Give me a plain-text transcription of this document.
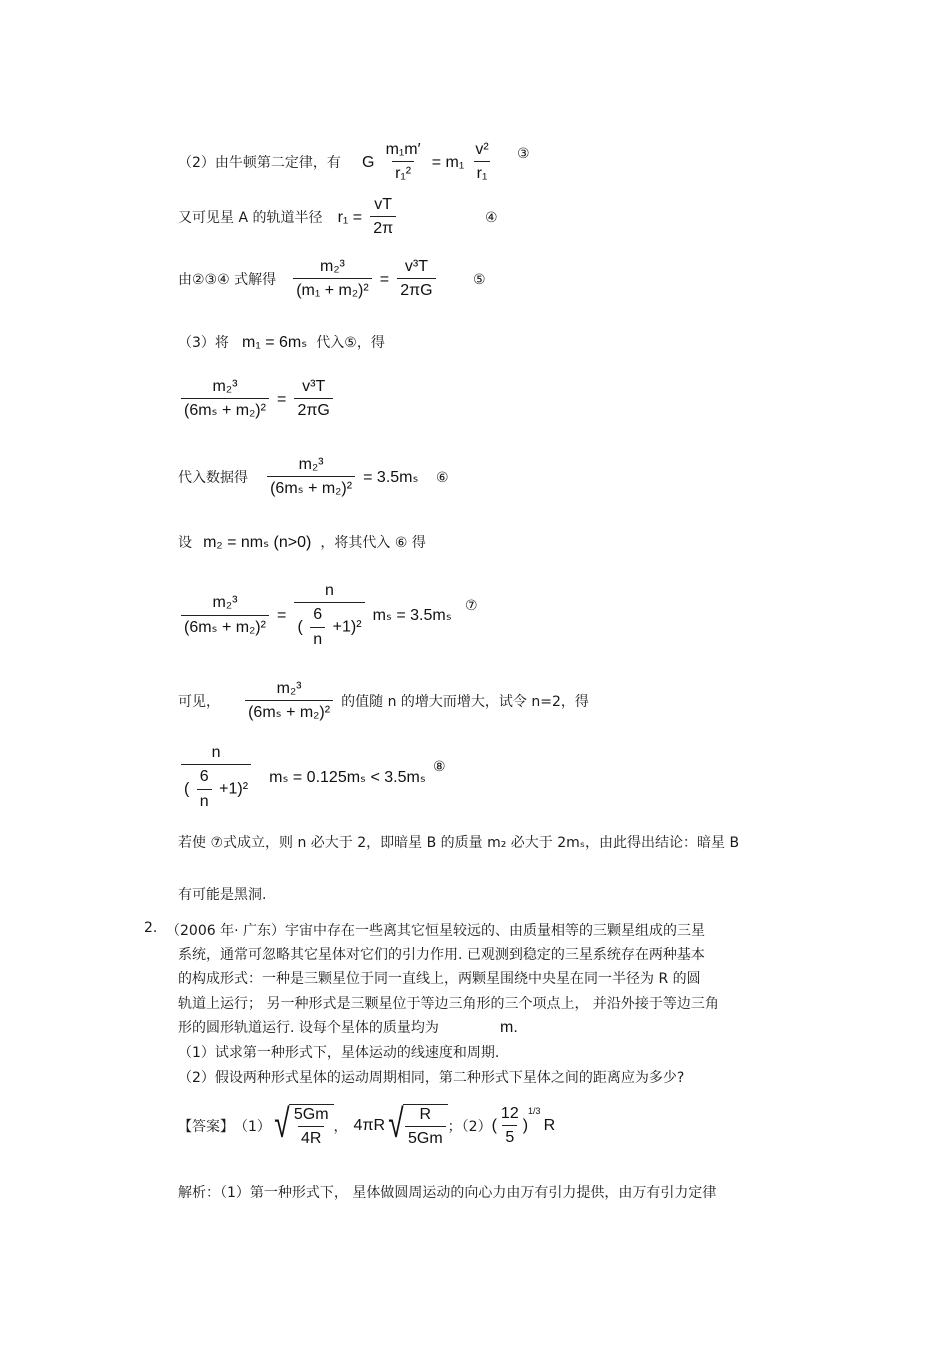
（2）由牛顿第二定律，有 G $\frac{\text{m₁m′}}{\text{r₁²}} = m_1 \frac{\text{v²}}{\text{r₁}}$ ③
又可见星 A 的轨道半径 $r_1 = \frac{vT}{2\pi}$	④
由②③④ 式解得 $\frac{\text{m₂³}}{\text{(m₁ + m₂)²}} = \frac{\text{v³T}}{2\pi G}$	⑤
（3）将 m₁ = 6mₛ 代入⑤，得
$\frac{\text{m₂³}}{\text{(6mₛ + m₂)²}} = \frac{\text{v³T}}{2\pi G}$
代入数据得 $\frac{\text{m₂³}}{\text{(6mₛ + m₂)²}} = 3.5m_s$ ⑥
设 m₂ = nmₛ (n>0) ，将其代入 ⑥ 得
$\frac{\text{m₂³}}{\text{(6mₛ + m₂)²}} = \frac{n}{( \frac{6}{n} +1)^2}$ mₛ = 3.5mₛ
⑦
可见， $\frac{\text{m₂³}}{\text{(6mₛ + m₂)²}}$ 的值随 n 的增大而增大，试令 n=2，得
$\frac{n}{( \frac{6}{n} +1)^2}$ mₛ = 0.125mₛ < 3.5mₛ
⑧
若使 ⑦式成立，则 n 必大于 2，即暗星 B 的质量 m₂ 必大于 2mₛ，由此得出结论：暗星 B
有可能是黑洞.
2. （2006 年· 广东）宇宙中存在一些离其它恒星较远的、由质量相等的三颗星组成的三星
系统，通常可忽略其它星体对它们的引力作用. 已观测到稳定的三星系统存在两种基本
的构成形式：一种是三颗星位于同一直线上，两颗星围绕中央星在同一半径为 R 的圆
轨道上运行； 另一种形式是三颗星位于等边三角形的三个项点上， 并沿外接于等边三角
形的圆形轨道运行. 设每个星体的质量均为	m.
（1）试求第一种形式下，星体运动的线速度和周期.
（2）假设两种形式星体的运动周期相同，第二种形式下星体之间的距离应为多少?
【答案】 （1） √ $\frac{5Gm}{4R}$ ， 4πR √ $\frac{R}{5Gm}$ ；（2） ( $\frac{12}{5}$ )
1/3
R
解析：（1）第一种形式下， 星体做圆周运动的向心力由万有引力提供，由万有引力定律
